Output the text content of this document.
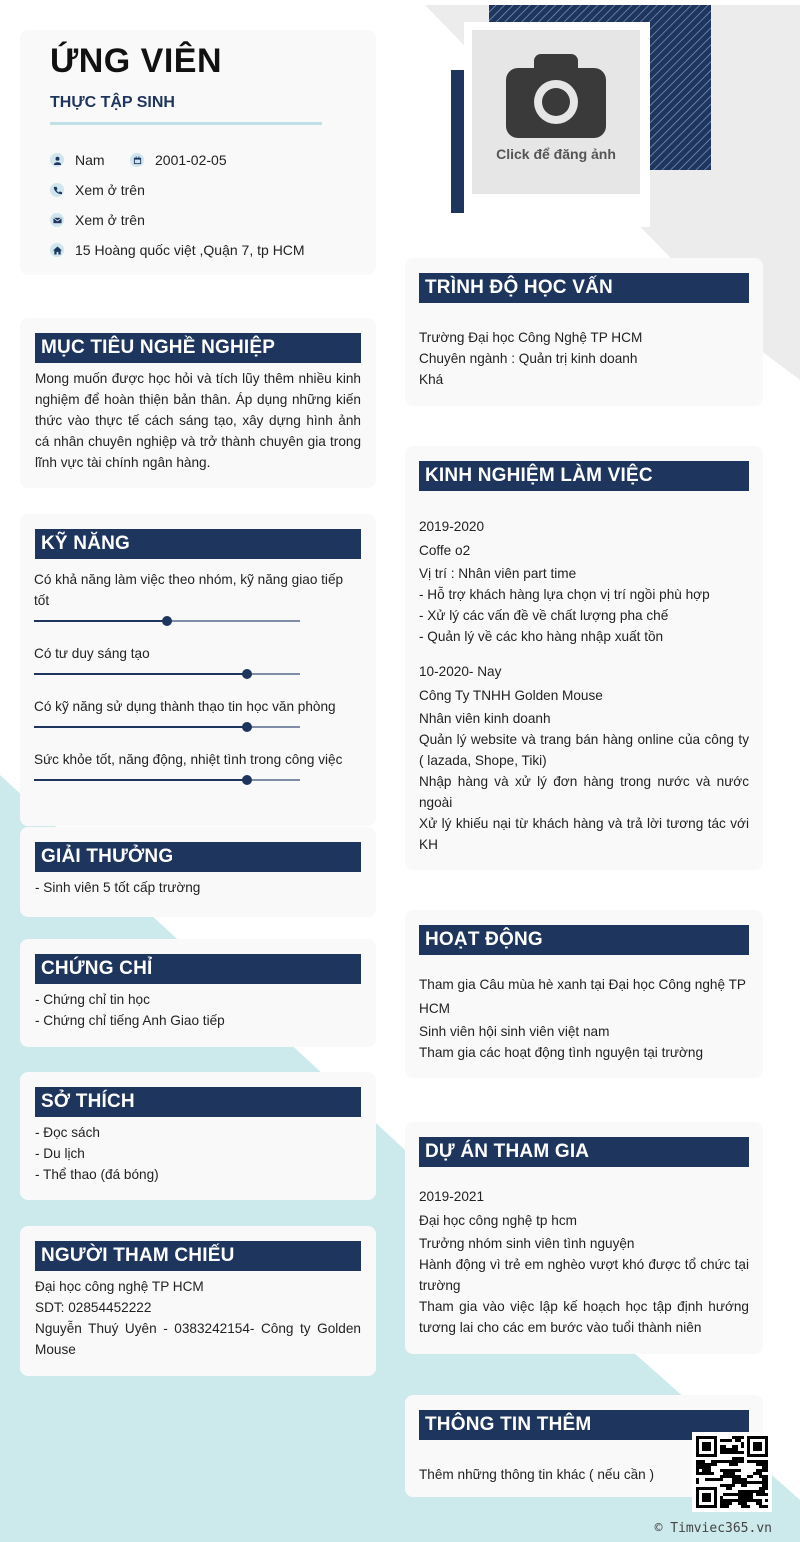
Click để đăng ảnh
ỨNG VIÊN
THỰC TẬP SINH
Nam	2001-02-05
Xem ở trên
Xem ở trên
15 Hoàng quốc việt ,Quận 7, tp HCM
MỤC TIÊU NGHỀ NGHIỆP
Mong muốn được học hỏi và tích lũy thêm nhiều kinh nghiệm để hoàn thiện bản thân. Áp dụng những kiến thức vào thực tế cách sáng tạo, xây dựng hình ảnh cá nhân chuyên nghiệp và trở thành chuyên gia trong lĩnh vực tài chính ngân hàng.
KỸ NĂNG
Có khả năng làm việc theo nhóm, kỹ năng giao tiếp tốt
Có tư duy sáng tạo
Có kỹ năng sử dụng thành thạo tin học văn phòng
Sức khỏe tốt, năng động, nhiệt tình trong công việc
GIẢI THƯỞNG
- Sinh viên 5 tốt cấp trường
CHỨNG CHỈ
- Chứng chỉ tin học
- Chứng chỉ tiếng Anh Giao tiếp
SỞ THÍCH
- Đọc sách
- Du lịch
- Thể thao (đá bóng)
NGƯỜI THAM CHIẾU
Đại học công nghệ TP HCM
SDT: 02854452222
Nguyễn Thuý Uyên - 0383242154- Công ty Golden Mouse
TRÌNH ĐỘ HỌC VẤN
Trường Đại học Công Nghệ TP HCM
Chuyên ngành : Quản trị kinh doanh
Khá
KINH NGHIỆM LÀM VIỆC
2019-2020
Coffe o2
Vị trí : Nhân viên part time
- Hỗ trợ khách hàng lựa chọn vị trí ngồi phù hợp
- Xử lý các vấn đề về chất lượng pha chế
- Quản lý về các kho hàng nhập xuất tồn
10-2020- Nay
Công Ty TNHH Golden Mouse
Nhân viên kinh doanh
Quản lý website và trang bán hàng online của công ty ( lazada, Shope, Tiki)
Nhập hàng và xử lý đơn hàng trong nước và nước ngoài
Xử lý khiếu nại từ khách hàng và trả lời tương tác với KH
HOẠT ĐỘNG
Tham gia Câu mùa hè xanh tại Đại học Công nghệ TP HCM
Sinh viên hội sinh viên việt nam
Tham gia các hoạt động tình nguyện tại trường
DỰ ÁN THAM GIA
2019-2021
Đại học công nghệ tp hcm
Trưởng nhóm sinh viên tình nguyện
Hành động vì trẻ em nghèo vượt khó được tổ chức tại trường
Tham gia vào việc lập kế hoạch học tập định hướng tương lai cho các em bước vào tuổi thành niên
THÔNG TIN THÊM
Thêm những thông tin khác ( nếu cần )
© Timviec365.vn
